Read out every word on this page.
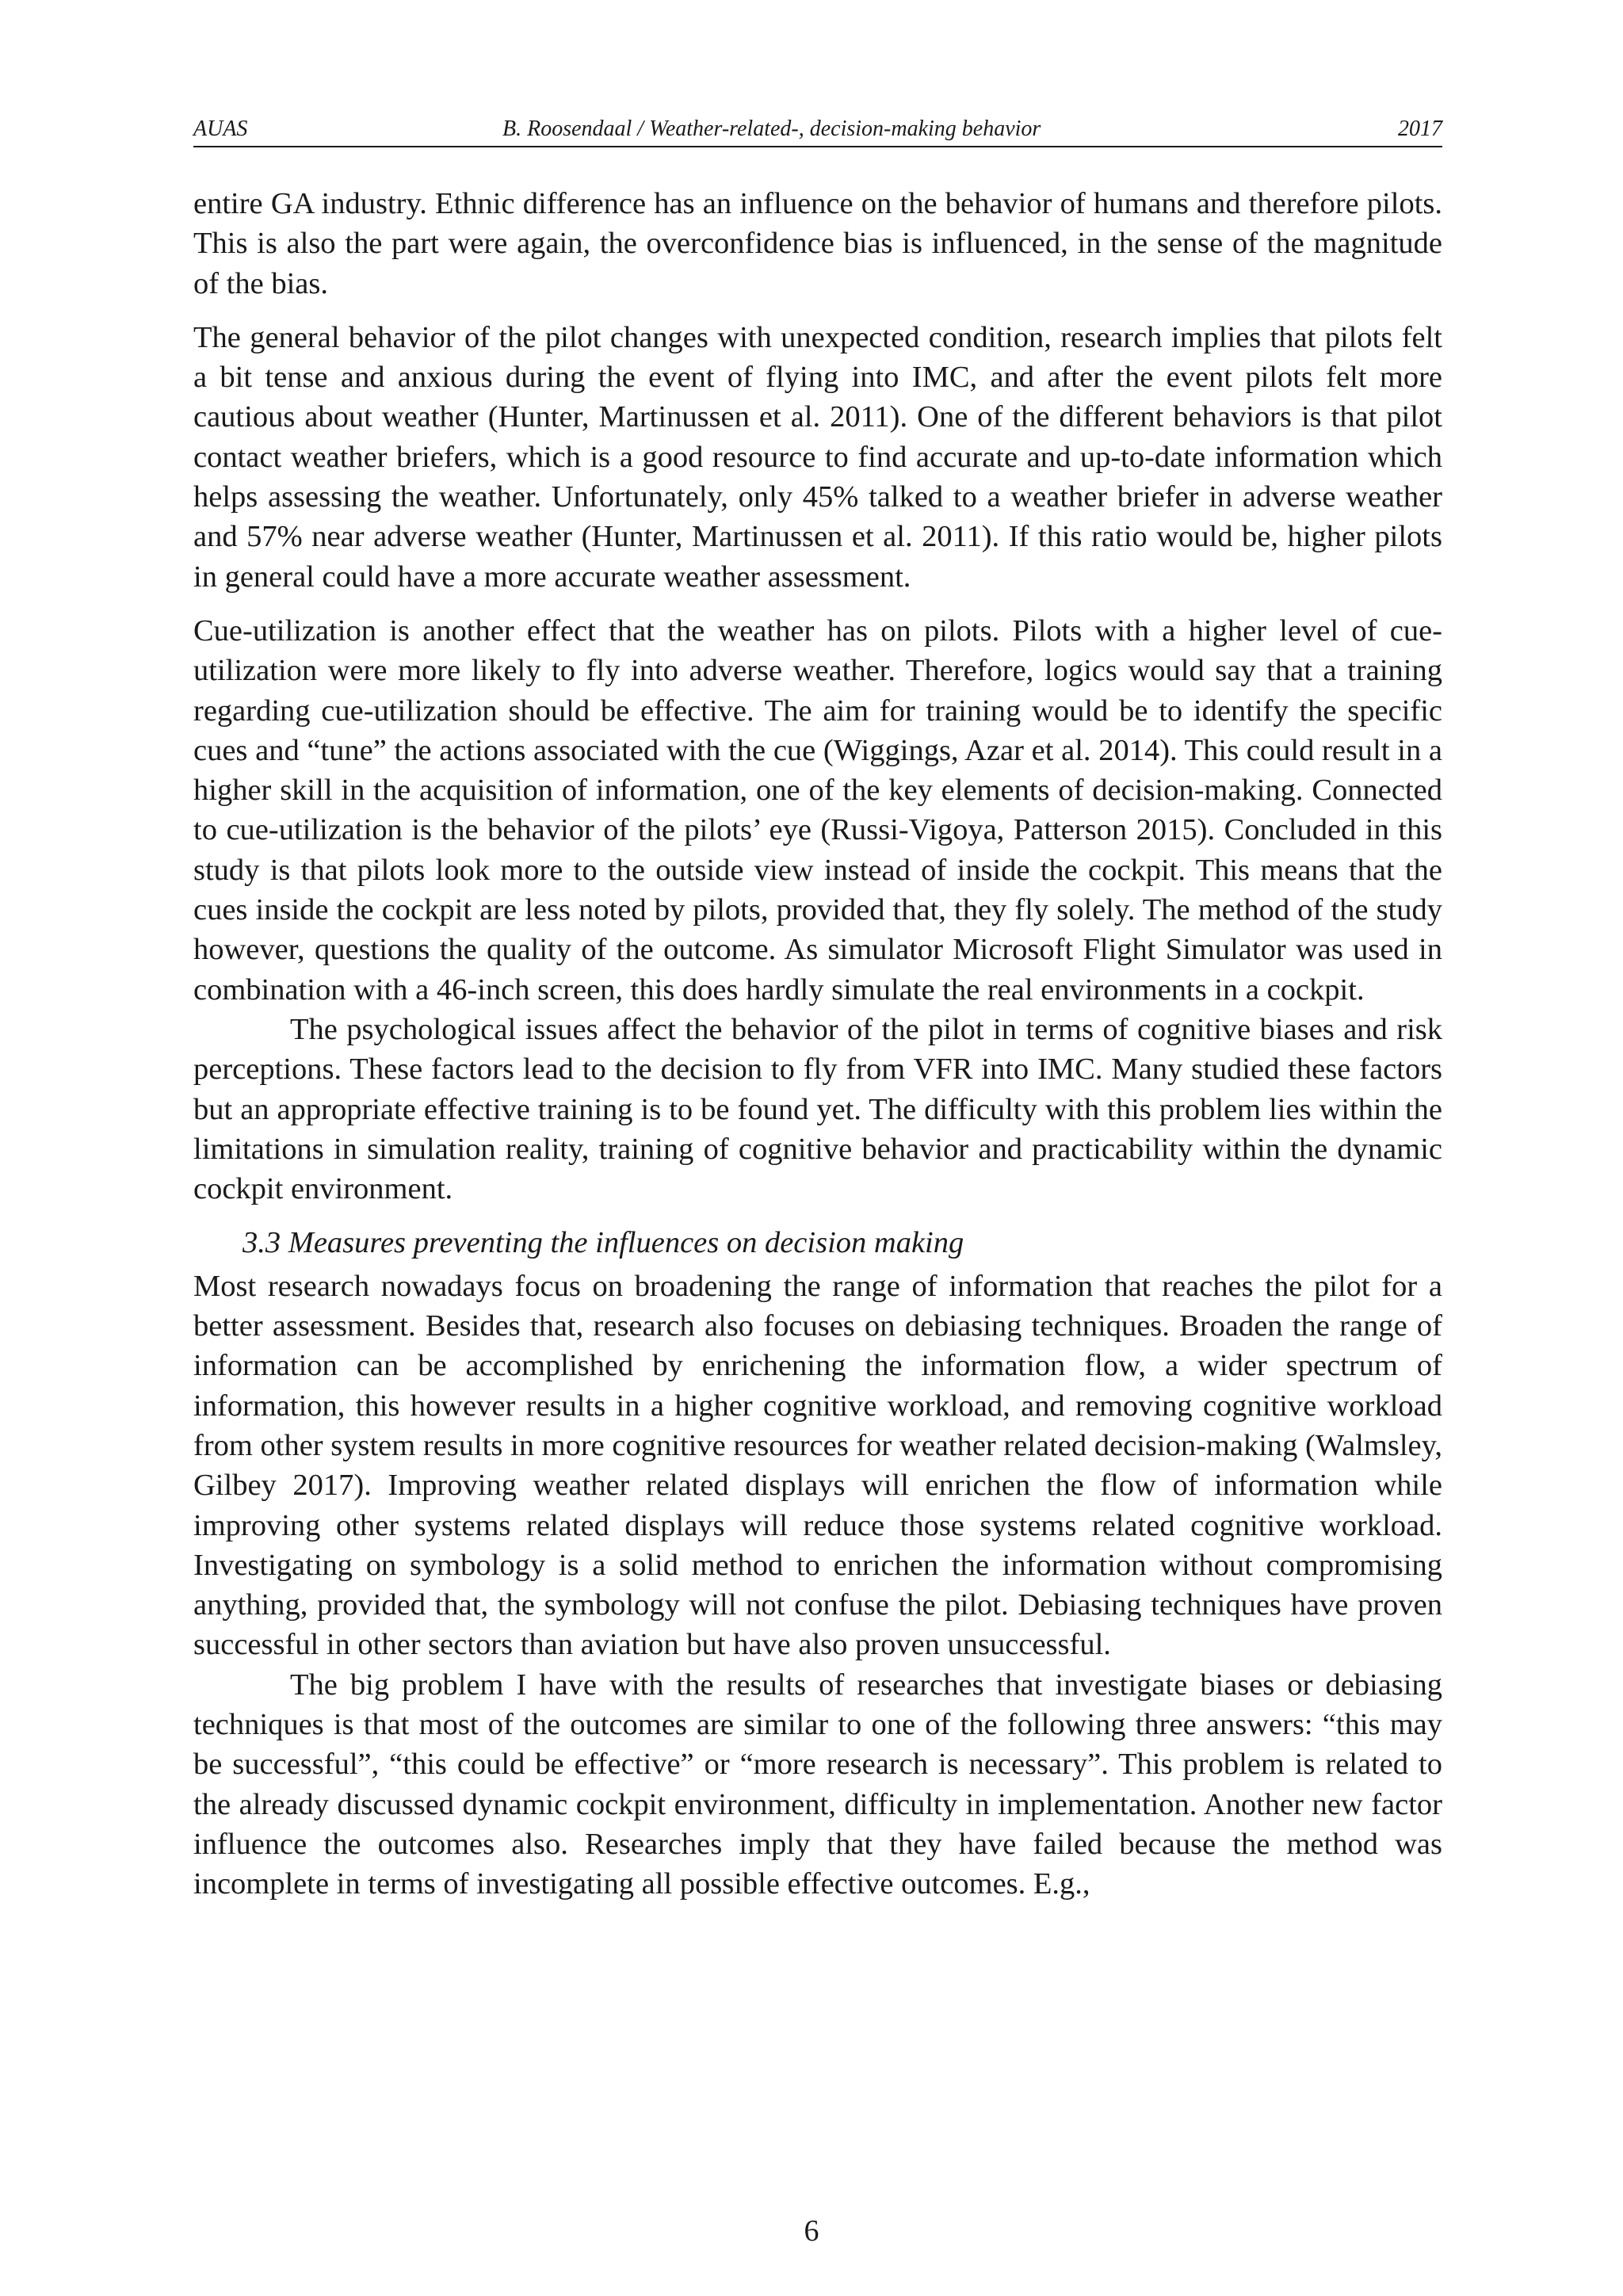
AUAS	B. Roosendaal / Weather-related-, decision-making behavior	2017

entire GA industry. Ethnic difference has an influence on the behavior of humans and therefore pilots. This is also the part were again, the overconfidence bias is influenced, in the sense of the magnitude of the bias.

The general behavior of the pilot changes with unexpected condition, research implies that pilots felt a bit tense and anxious during the event of flying into IMC, and after the event pilots felt more cautious about weather (Hunter, Martinussen et al. 2011). One of the different behaviors is that pilot contact weather briefers, which is a good resource to find accurate and up-to-date information which helps assessing the weather. Unfortunately, only 45% talked to a weather briefer in adverse weather and 57% near adverse weather (Hunter, Martinussen et al. 2011). If this ratio would be, higher pilots in general could have a more accurate weather assessment.

Cue-utilization is another effect that the weather has on pilots. Pilots with a higher level of cue-utilization were more likely to fly into adverse weather. Therefore, logics would say that a training regarding cue-utilization should be effective. The aim for training would be to identify the specific cues and “tune” the actions associated with the cue (Wiggings, Azar et al. 2014). This could result in a higher skill in the acquisition of information, one of the key elements of decision-making. Connected to cue-utilization is the behavior of the pilots’ eye (Russi-Vigoya, Patterson 2015). Concluded in this study is that pilots look more to the outside view instead of inside the cockpit. This means that the cues inside the cockpit are less noted by pilots, provided that, they fly solely. The method of the study however, questions the quality of the outcome. As simulator Microsoft Flight Simulator was used in combination with a 46-inch screen, this does hardly simulate the real environments in a cockpit.

The psychological issues affect the behavior of the pilot in terms of cognitive biases and risk perceptions. These factors lead to the decision to fly from VFR into IMC. Many studied these factors but an appropriate effective training is to be found yet. The difficulty with this problem lies within the limitations in simulation reality, training of cognitive behavior and practicability within the dynamic cockpit environment.

3.3 Measures preventing the influences on decision making

Most research nowadays focus on broadening the range of information that reaches the pilot for a better assessment. Besides that, research also focuses on debiasing techniques. Broaden the range of information can be accomplished by enrichening the information flow, a wider spectrum of information, this however results in a higher cognitive workload, and removing cognitive workload from other system results in more cognitive resources for weather related decision-making (Walmsley, Gilbey 2017). Improving weather related displays will enrichen the flow of information while improving other systems related displays will reduce those systems related cognitive workload. Investigating on symbology is a solid method to enrichen the information without compromising anything, provided that, the symbology will not confuse the pilot. Debiasing techniques have proven successful in other sectors than aviation but have also proven unsuccessful.

The big problem I have with the results of researches that investigate biases or debiasing techniques is that most of the outcomes are similar to one of the following three answers: “this may be successful”, “this could be effective” or “more research is necessary”. This problem is related to the already discussed dynamic cockpit environment, difficulty in implementation. Another new factor influence the outcomes also. Researches imply that they have failed because the method was incomplete in terms of investigating all possible effective outcomes. E.g.,

6
